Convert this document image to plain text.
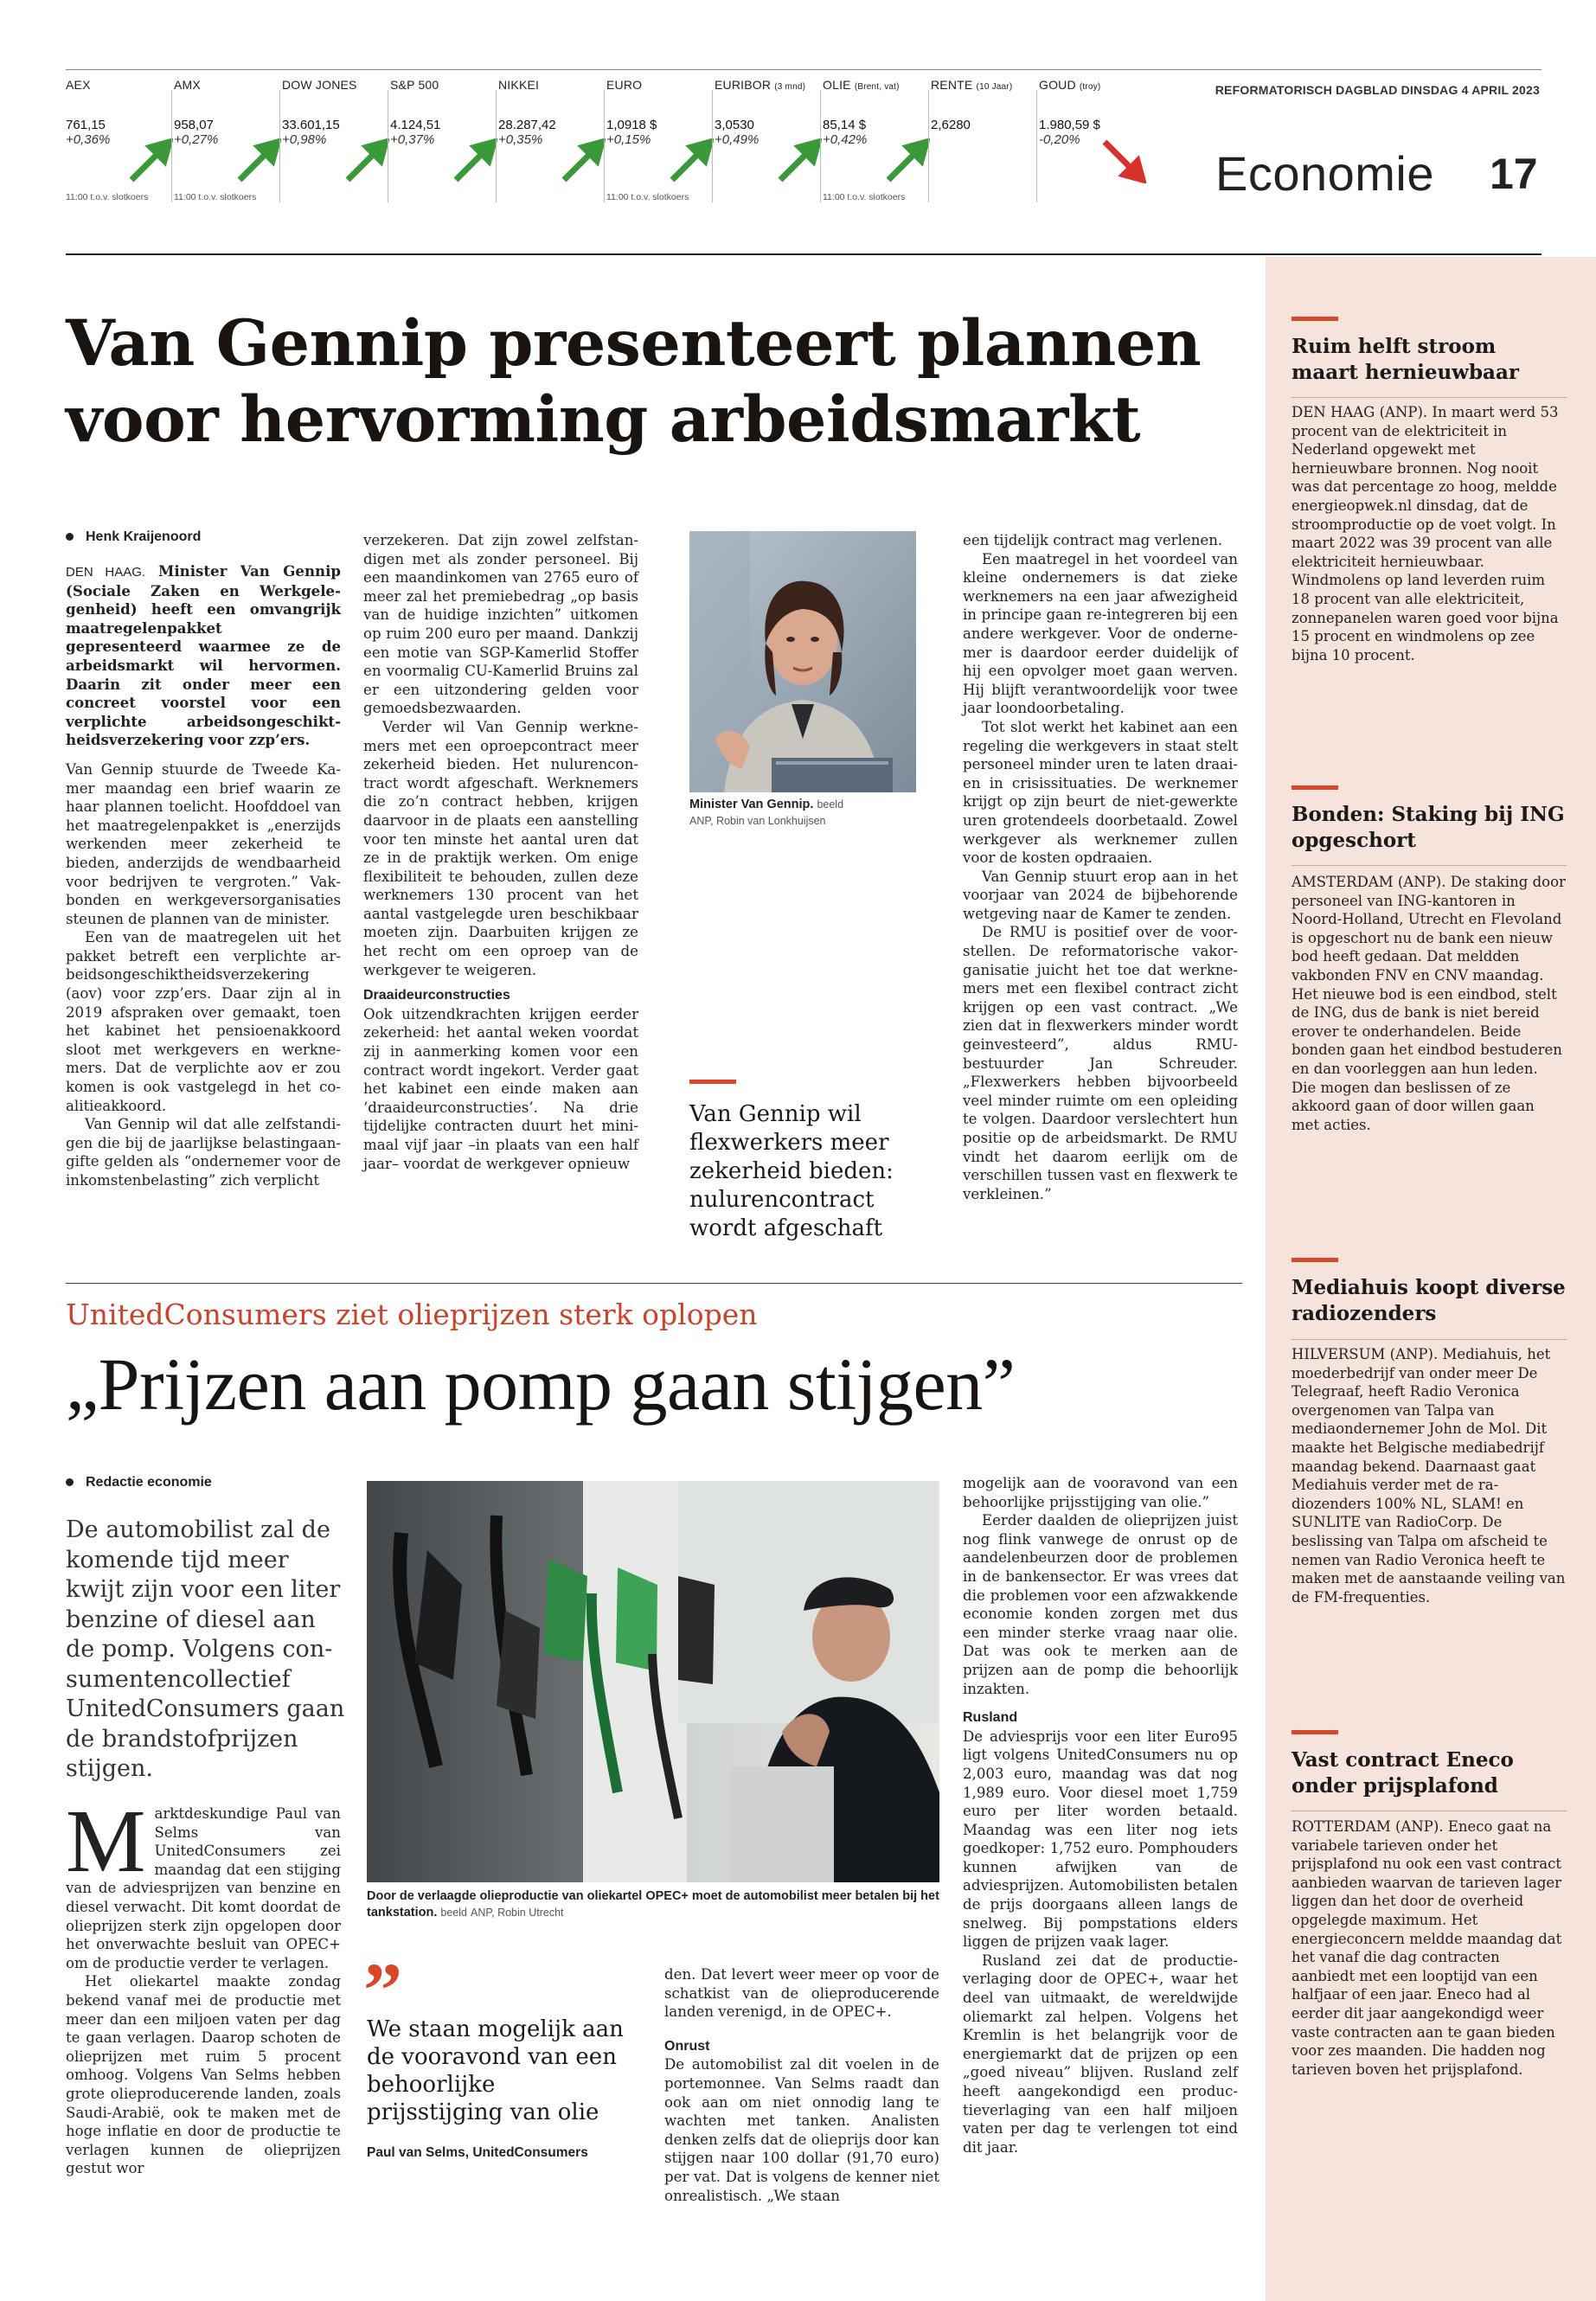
AEX
761,15
+0,36%
11:00 t.o.v. slotkoers
AMX
958,07
+0,27%
11:00 t.o.v. slotkoers
DOW JONES
33.601,15
+0,98%
S&P 500
4.124,51
+0,37%
NIKKEI
28.287,42
+0,35%
EURO
1,0918 $
+0,15%
11:00 t.o.v. slotkoers
EURIBOR (3 mnd)
3,0530
+0,49%
OLIE (Brent, vat)
85,14 $
+0,42%
11:00 t.o.v. slotkoers
RENTE (10 Jaar)
2,6280
GOUD (troy)
1.980,59 $
-0,20%
REFORMATORISCH DAGBLAD DINSDAG 4 APRIL 2023
Economie 17
Van Gennip presenteert plannen
voor hervorming arbeidsmarkt
Henk Kraijenoord

DEN HAAG. Minister Van Gennip (Sociale Zaken en Werkgelegenheid) heeft een omvangrijk maatregelenpakket gepresenteerd waarmee ze de arbeidsmarkt wil hervormen. Daarin zit onder meer een concreet voorstel voor een verplichte arbeidsongeschiktheidsverzekering voor zzp’ers.

Van Gennip stuurde de Tweede Kamer maandag een brief waarin ze haar plannen toelicht. Hoofddoel van het maatregelenpakket is „enerzijds werkenden meer zekerheid te bieden, anderzijds de wendbaarheid voor bedrijven te vergroten.” Vakbonden en werkgeversorganisaties steunen de plannen van de minister.

Een van de maatregelen uit het pakket betreft een verplichte arbeidsongeschiktheidsverzekering (aov) voor zzp’ers. Daar zijn al in 2019 afspraken over gemaakt, toen het kabinet het pensioenakkoord sloot met werkgevers en werknemers. Dat de verplichte aov er zou komen is ook vastgelegd in het coalitieakkoord.

Van Gennip wil dat alle zelfstandigen die bij de jaarlijkse belastingaangifte gelden als “ondernemer voor de inkomstenbelasting” zich verplicht

verzekeren. Dat zijn zowel zelfstandigen met als zonder personeel. Bij een maandinkomen van 2765 euro of meer zal het premiebedrag „op basis van de huidige inzichten” uitkomen op ruim 200 euro per maand. Dankzij een motie van SGP-Kamerlid Stoffer en voormalig CU-Kamerlid Bruins zal er een uitzondering gelden voor gemoedsbezwaarden.

Verder wil Van Gennip werknemers met een oproepcontract meer zekerheid bieden. Het nulurencontract wordt afgeschaft. Werknemers die zo’n contract hebben, krijgen daarvoor in de plaats een aanstelling voor ten minste het aantal uren dat ze in de praktijk werken. Om enige flexibiliteit te behouden, zullen deze werknemers 130 procent van het aantal vastgelegde uren beschikbaar moeten zijn. Daarbuiten krijgen ze het recht om een oproep van de werkgever te weigeren.

Draaideurconstructies

Ook uitzendkrachten krijgen eerder zekerheid: het aantal weken voordat zij in aanmerking komen voor een contract wordt ingekort. Verder gaat het kabinet een einde maken aan ‘draaideurconstructies’. Na drie tijdelijke contracten duurt het minimaal vijf jaar –in plaats van een half jaar– voordat de werkgever opnieuw

Minister Van Gennip. beeld
ANP, Robin van Lonkhuijsen
Van Gennip wil flexwerkers meer zekerheid bieden: nulurencontract wordt afgeschaft

een tijdelijk contract mag verlenen.

Een maatregel in het voordeel van kleine ondernemers is dat zieke werknemers na een jaar afwezigheid in principe gaan re-integreren bij een andere werkgever. Voor de ondernemer is daardoor eerder duidelijk of hij een opvolger moet gaan werven. Hij blijft verantwoordelijk voor twee jaar loondoorbetaling.

Tot slot werkt het kabinet aan een regeling die werkgevers in staat stelt personeel minder uren te laten draaien in crisissituaties. De werknemer krijgt op zijn beurt de niet-gewerkte uren grotendeels doorbetaald. Zowel werkgever als werknemer zullen voor de kosten opdraaien.

Van Gennip stuurt erop aan in het voorjaar van 2024 de bijbehorende wetgeving naar de Kamer te zenden.

De RMU is positief over de voorstellen. De reformatorische vakorganisatie juicht het toe dat werknemers met een flexibel contract zicht krijgen op een vast contract. „We zien dat in flexwerkers minder wordt geinvesteerd”, aldus RMU-bestuurder Jan Schreuder. „Flexwerkers hebben bijvoorbeeld veel minder ruimte om een opleiding te volgen. Daardoor verslechtert hun positie op de arbeidsmarkt. De RMU vindt het daarom eerlijk om de verschillen tussen vast en flexwerk te verkleinen.”

UnitedConsumers ziet olieprijzen sterk oplopen
„Prijzen aan pomp gaan stijgen”
Redactie economie
De automobilist zal de komende tijd meer kwijt zijn voor een liter benzine of diesel aan de pomp. Volgens consumentencollectief UnitedConsumers gaan de brandstofprijzen stijgen.
M arktdeskundige Paul van Selms van UnitedConsumers zei maandag dat een stijging van de adviesprijzen van benzine en diesel verwacht. Dit komt doordat de olieprijzen sterk zijn opgelopen door het onverwachte besluit van OPEC+ om de productie verder te verlagen.

Het oliekartel maakte zondag bekend vanaf mei de productie met meer dan een miljoen vaten per dag te gaan verlagen. Daarop schoten de olieprijzen met ruim 5 procent omhoog. Volgens Van Selms hebben grote olieproducerende landen, zoals Saudi-Arabië, ook te maken met de hoge inflatie en door de productie te verlagen kunnen de olieprijzen gestut wor

Door de verlaagde olieproductie van oliekartel OPEC+ moet de automobilist meer betalen bij het tankstation. beeld ANP, Robin Utrecht
”
We staan mogelijk aan de vooravond van een behoorlijke prijsstijging van olie
Paul van Selms, UnitedConsumers

den. Dat levert weer meer op voor de schatkist van de olieproducerende landen verenigd, in de OPEC+.

Onrust

De automobilist zal dit voelen in de portemonnee. Van Selms raadt dan ook aan om niet onnodig lang te wachten met tanken. Analisten denken zelfs dat de olieprijs door kan stijgen naar 100 dollar (91,70 euro) per vat. Dat is volgens de kenner niet onrealistisch. „We staan

mogelijk aan de vooravond van een behoorlijke prijsstijging van olie.”

Eerder daalden de olieprijzen juist nog flink vanwege de onrust op de aandelenbeurzen door de problemen in de bankensector. Er was vrees dat die problemen voor een afzwakkende economie konden zorgen met dus een minder sterke vraag naar olie. Dat was ook te merken aan de prijzen aan de pomp die behoorlijk inzakten.

Rusland

De adviesprijs voor een liter Euro95 ligt volgens UnitedConsumers nu op 2,003 euro, maandag was dat nog 1,989 euro. Voor diesel moet 1,759 euro per liter worden betaald. Maandag was een liter nog iets goedkoper: 1,752 euro. Pomphouders kunnen afwijken van de adviesprijzen. Automobilisten betalen de prijs doorgaans alleen langs de snelweg. Bij pompstations elders liggen de prijzen vaak lager.

Rusland zei dat de productieverlaging door de OPEC+, waar het deel van uitmaakt, de wereldwijde oliemarkt zal helpen. Volgens het Kremlin is het belangrijk voor de energiemarkt dat de prijzen op een „goed niveau” blijven. Rusland zelf heeft aangekondigd een productieverlaging van een half miljoen vaten per dag te verlengen tot eind dit jaar.

Ruim helft stroom maart hernieuwbaar
DEN HAAG (ANP). In maart werd 53 procent van de elektriciteit in Nederland opgewekt met hernieuwbare bronnen. Nog nooit was dat percentage zo hoog, meldde energieopwek.nl dinsdag, dat de stroomproductie op de voet volgt. In maart 2022 was 39 procent van alle elektriciteit hernieuwbaar. Windmolens op land leverden ruim 18 procent van alle elektriciteit, zonnepanelen waren goed voor bijna 15 procent en windmolens op zee bijna 10 procent.
Bonden: Staking bij ING opgeschort
AMSTERDAM (ANP). De staking door personeel van ING-kantoren in Noord-Holland, Utrecht en Flevoland is opgeschort nu de bank een nieuw bod heeft gedaan. Dat meldden vakbonden FNV en CNV maandag. Het nieuwe bod is een eindbod, stelt de ING, dus de bank is niet bereid erover te onderhandelen. Beide bonden gaan het eindbod bestuderen en dan voorleggen aan hun leden. Die mogen dan beslissen of ze akkoord gaan of door willen gaan met acties.
Mediahuis koopt diverse radiozenders
HILVERSUM (ANP). Mediahuis, het moederbedrijf van onder meer De Telegraaf, heeft Radio Veronica overgenomen van Talpa van mediaondernemer John de Mol. Dit maakte het Belgische mediabedrijf maandag bekend. Daarnaast gaat Mediahuis verder met de radiozenders 100% NL, SLAM! en SUNLITE van RadioCorp. De beslissing van Talpa om afscheid te nemen van Radio Veronica heeft te maken met de aanstaande veiling van de FM-frequenties.
Vast contract Eneco onder prijsplafond
ROTTERDAM (ANP). Eneco gaat na variabele tarieven onder het prijsplafond nu ook een vast contract aanbieden waarvan de tarieven lager liggen dan het door de overheid opgelegde maximum. Het energieconcern meldde maandag dat het vanaf die dag contracten aanbiedt met een looptijd van een halfjaar of een jaar. Eneco had al eerder dit jaar aangekondigd weer vaste contracten aan te gaan bieden voor zes maanden. Die hadden nog tarieven boven het prijsplafond.
